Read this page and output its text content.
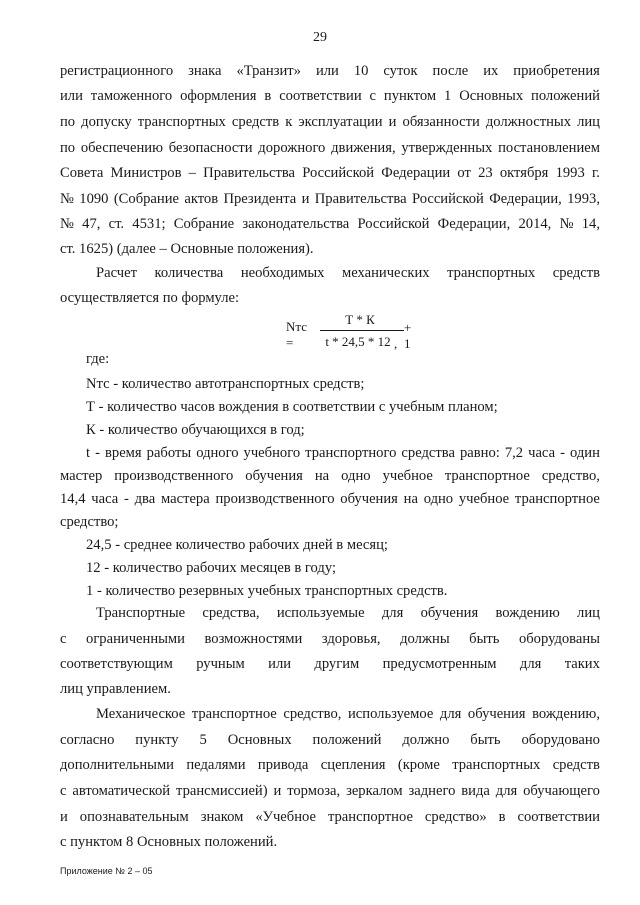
29

регистрационного знака «Транзит» или 10 суток после их приобретения

или таможенного оформления в соответствии с пунктом 1 Основных положений

по допуску транспортных средств к эксплуатации и обязанности должностных лиц

по обеспечению безопасности дорожного движения, утвержденных постановлением

Совета Министров – Правительства Российской Федерации от 23 октября 1993 г.

№ 1090 (Собрание актов Президента и Правительства Российской Федерации, 1993,

№ 47, ст. 4531; Собрание законодательства Российской Федерации, 2014, № 14,

ст. 1625) (далее – Основные положения).

Расчет количества необходимых механических транспортных средств

осуществляется по формуле:

где:

Nтс - количество автотранспортных средств;

Т - количество часов вождения в соответствии с учебным планом;

К - количество обучающихся в год;

t - время работы одного учебного транспортного средства равно: 7,2 часа - один

мастер производственного обучения на одно учебное транспортное средство,

14,4 часа - два мастера производственного обучения на одно учебное транспортное

средство;

24,5 - среднее количество рабочих дней в месяц;

12 - количество рабочих месяцев в году;

1 - количество резервных учебных транспортных средств.

Транспортные средства, используемые для обучения вождению лиц

с ограниченными возможностями здоровья, должны быть оборудованы

соответствующим ручным или другим предусмотренным для таких

лиц управлением.

Механическое транспортное средство, используемое для обучения вождению,

согласно пункту 5 Основных положений должно быть оборудовано

дополнительными педалями привода сцепления (кроме транспортных средств

с автоматической трансмиссией) и тормоза, зеркалом заднего вида для обучающего

и опознавательным знаком «Учебное транспортное средство» в соответствии

с пунктом 8 Основных положений.

Nтс =
Т * К
t * 24,5 * 12
+ 1
,
Приложение № 2 – 05
